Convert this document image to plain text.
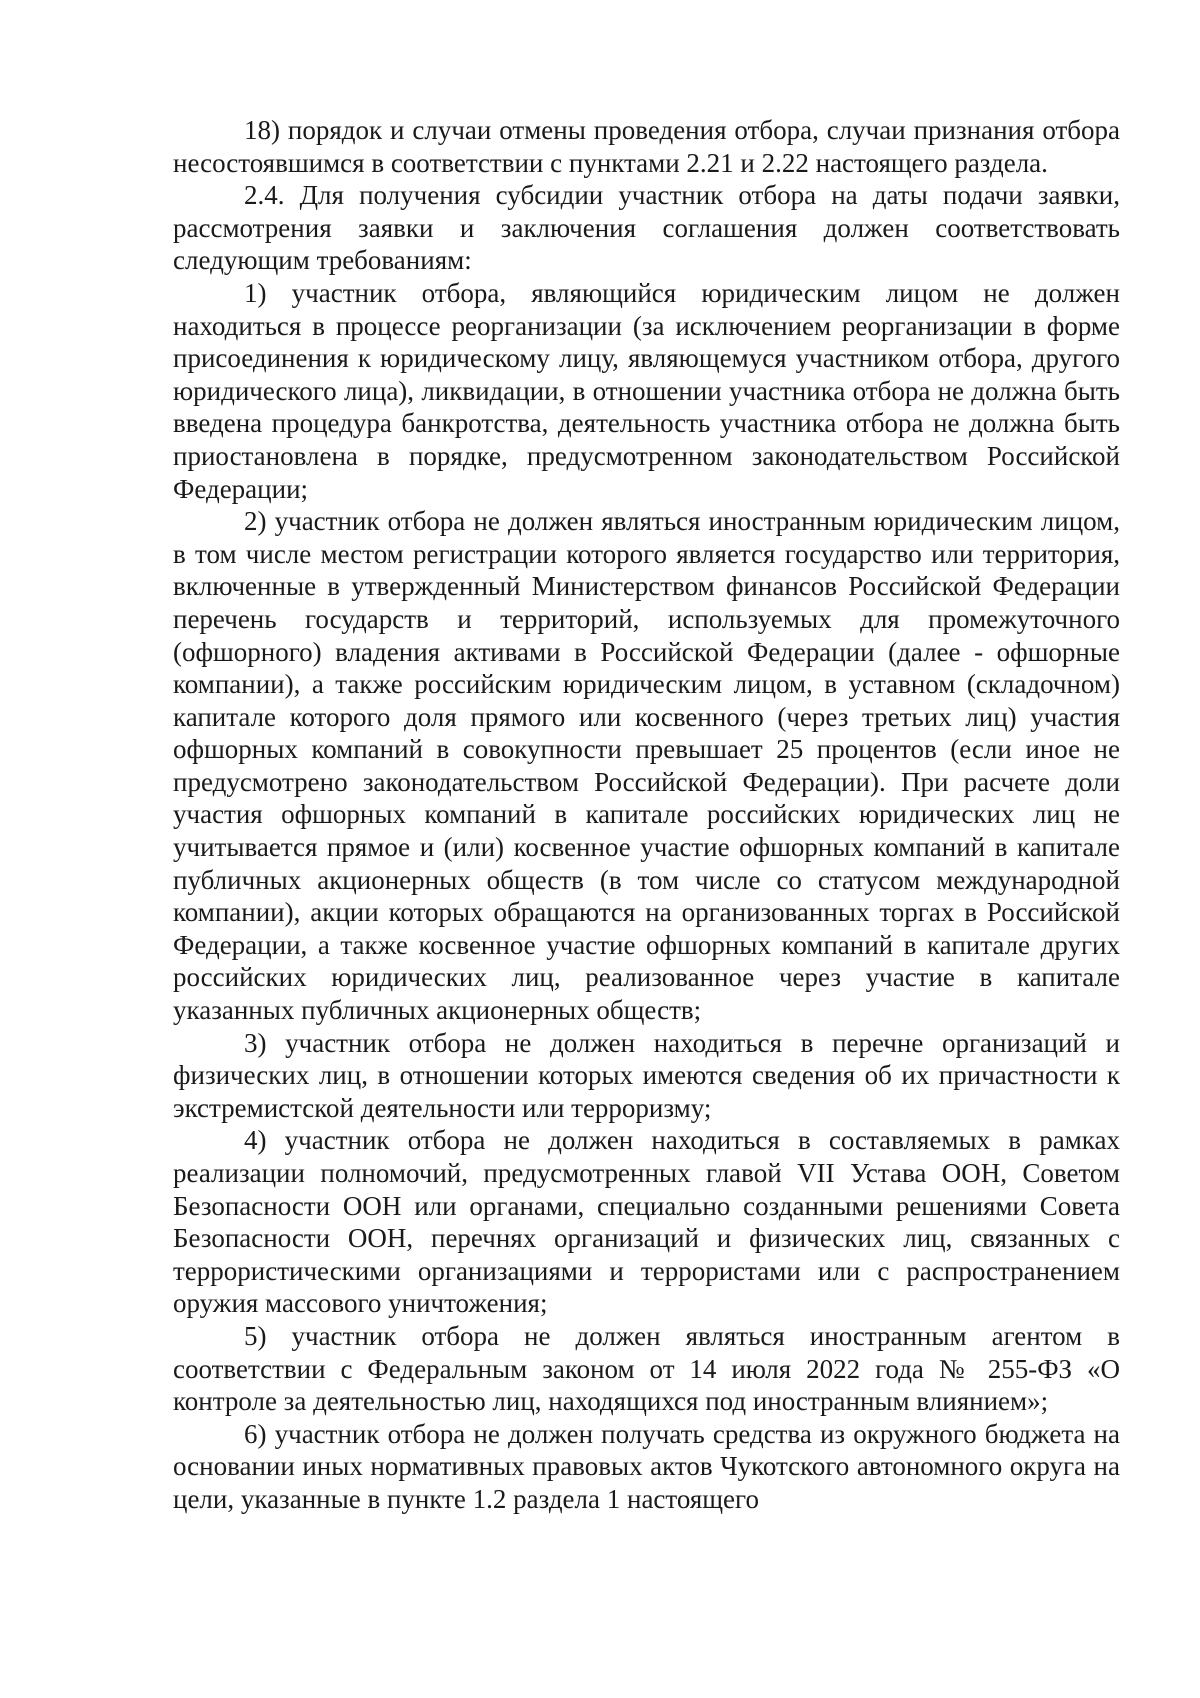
18) порядок и случаи отмены проведения отбора, случаи признания отбора несостоявшимся в соответствии с пунктами 2.21 и 2.22 настоящего раздела.

2.4. Для получения субсидии участник отбора на даты подачи заявки, рассмотрения заявки и заключения соглашения должен соответствовать следующим требованиям:

1) участник отбора, являющийся юридическим лицом не должен находиться в процессе реорганизации (за исключением реорганизации в форме присоединения к юридическому лицу, являющемуся участником отбора, другого юридического лица), ликвидации, в отношении участника отбора не должна быть введена процедура банкротства, деятельность участника отбора не должна быть приостановлена в порядке, предусмотренном законодательством Российской Федерации;

2) участник отбора не должен являться иностранным юридическим лицом, в том числе местом регистрации которого является государство или территория, включенные в утвержденный Министерством финансов Российской Федерации перечень государств и территорий, используемых для промежуточного (офшорного) владения активами в Российской Федерации (далее - офшорные компании), а также российским юридическим лицом, в уставном (складочном) капитале которого доля прямого или косвенного (через третьих лиц) участия офшорных компаний в совокупности превышает 25 процентов (если иное не предусмотрено законодательством Российской Федерации). При расчете доли участия офшорных компаний в капитале российских юридических лиц не учитывается прямое и (или) косвенное участие офшорных компаний в капитале публичных акционерных обществ (в том числе со статусом международной компании), акции которых обращаются на организованных торгах в Российской Федерации, а также косвенное участие офшорных компаний в капитале других российских юридических лиц, реализованное через участие в капитале указанных публичных акционерных обществ;

3) участник отбора не должен находиться в перечне организаций и физических лиц, в отношении которых имеются сведения об их причастности к экстремистской деятельности или терроризму;

4) участник отбора не должен находиться в составляемых в рамках реализации полномочий, предусмотренных главой VII Устава ООН, Советом Безопасности ООН или органами, специально созданными решениями Совета Безопасности ООН, перечнях организаций и физических лиц, связанных с террористическими организациями и террористами или с распространением оружия массового уничтожения;

5) участник отбора не должен являться иностранным агентом в соответствии с Федеральным законом от 14 июля 2022 года № 255-ФЗ «О контроле за деятельностью лиц, находящихся под иностранным влиянием»;

6) участник отбора не должен получать средства из окружного бюджета на основании иных нормативных правовых актов Чукотского автономного округа на цели, указанные в пункте 1.2 раздела 1 настоящего
